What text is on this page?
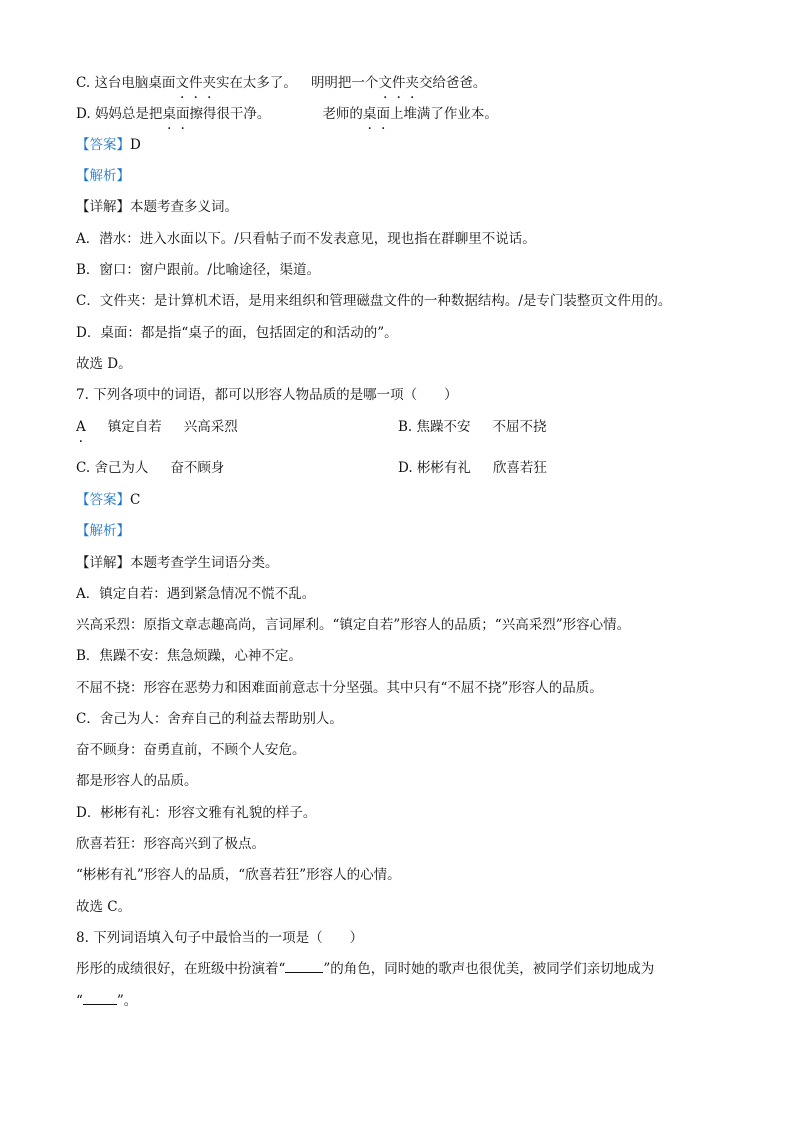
C. 这台电脑桌面文件夹实在太多了。 明明把一个文件夹交给爸爸。
D. 妈妈总是把桌面擦得很干净。	老师的桌面上堆满了作业本。
【答案】D
【解析】
【详解】本题考查多义词。
A．潜水：进入水面以下。/只看帖子而不发表意见，现也指在群聊里不说话。
B．窗口：窗户跟前。/比喻途径，渠道。
C．文件夹：是计算机术语，是用来组织和管理磁盘文件的一种数据结构。/是专门装整页文件用的。
D．桌面：都是指“桌子的面，包括固定的和活动的”。
故选 D。
7. 下列各项中的词语，都可以形容人物品质的是哪一项（　　）
A · 镇定自若 兴高采烈	B. 焦躁不安 不屈不挠
C. 舍己为人 奋不顾身	D. 彬彬有礼 欣喜若狂
【答案】C
【解析】
【详解】本题考查学生词语分类。
A．镇定自若：遇到紧急情况不慌不乱。
兴高采烈：原指文章志趣高尚，言词犀利。“镇定自若”形容人的品质；“兴高采烈”形容心情。
B．焦躁不安：焦急烦躁，心神不定。
不屈不挠：形容在恶势力和困难面前意志十分坚强。其中只有“不屈不挠”形容人的品质。
C．舍己为人：舍弃自己的利益去帮助别人。
奋不顾身：奋勇直前，不顾个人安危。
都是形容人的品质。
D．彬彬有礼：形容文雅有礼貌的样子。
欣喜若狂：形容高兴到了极点。
“彬彬有礼”形容人的品质，“欣喜若狂”形容人的心情。
故选 C。
8. 下列词语填入句子中最恰当的一项是（　　）
彤彤的成绩很好，在班级中扮演着“	”的角色，同时她的歌声也很优美，被同学们亲切地成为
“	”。
